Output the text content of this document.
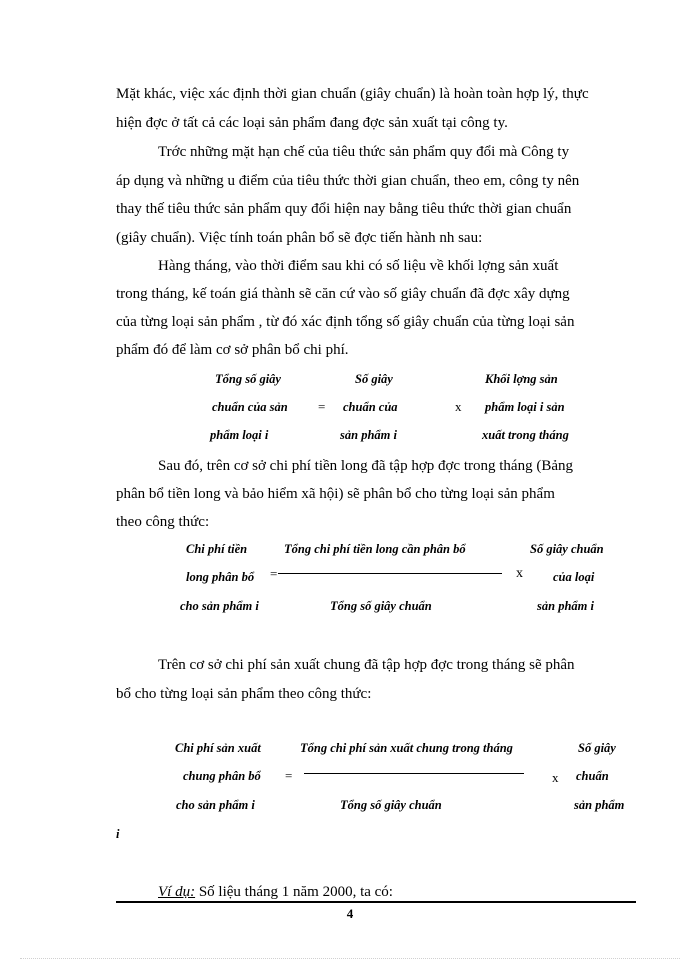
Mặt khác, việc xác định thời gian chuẩn (giây chuẩn) là hoàn toàn hợp lý, thực
hiện đợc ở tất cả các loại sản phẩm đang đợc sản xuất tại công ty.
Trớc những mặt hạn chế của tiêu thức sản phẩm quy đổi mà Công ty
áp dụng và những u điểm của tiêu thức thời gian chuẩn, theo em, công ty nên
thay thế tiêu thức sản phẩm quy đổi hiện nay bằng tiêu thức thời gian chuẩn
(giây chuẩn). Việc tính toán phân bổ sẽ đợc tiến hành nh sau:
Hàng tháng, vào thời điểm sau khi có số liệu về khối lợng sản xuất
trong tháng, kế toán giá thành sẽ căn cứ vào số giây chuẩn đã đợc xây dựng
của từng loại sản phẩm , từ đó xác định tổng số giây chuẩn của từng loại sản
phẩm đó để làm cơ sở phân bổ chi phí.
Tổng số giây
chuẩn của sản
phẩm loại i
=
Số giây
chuẩn của
sản phẩm i
x
Khối lợng sản
phẩm loại i sản
xuất trong tháng
Sau đó, trên cơ sở chi phí tiền long đã tập hợp đợc trong tháng (Bảng
phân bổ tiền long và bảo hiểm xã hội) sẽ phân bổ cho từng loại sản phẩm
theo công thức:
Chi phí tiền
long phân bổ
cho sản phẩm i
=
Tổng chi phí tiền long cần phân bổ
Tổng số giây chuẩn
x
Số giây chuẩn
của loại
sản phẩm i
Trên cơ sở chi phí sản xuất chung đã tập hợp đợc trong tháng sẽ phân
bổ cho từng loại sản phẩm theo công thức:
Chi phí sản xuất
chung phân bổ
cho sản phẩm i
=
Tổng chi phí sản xuất chung trong tháng
Tổng số giây chuẩn
x
Số giây
chuẩn
sản phẩm
i
Ví dụ: Số liệu tháng 1 năm 2000, ta có:
4
